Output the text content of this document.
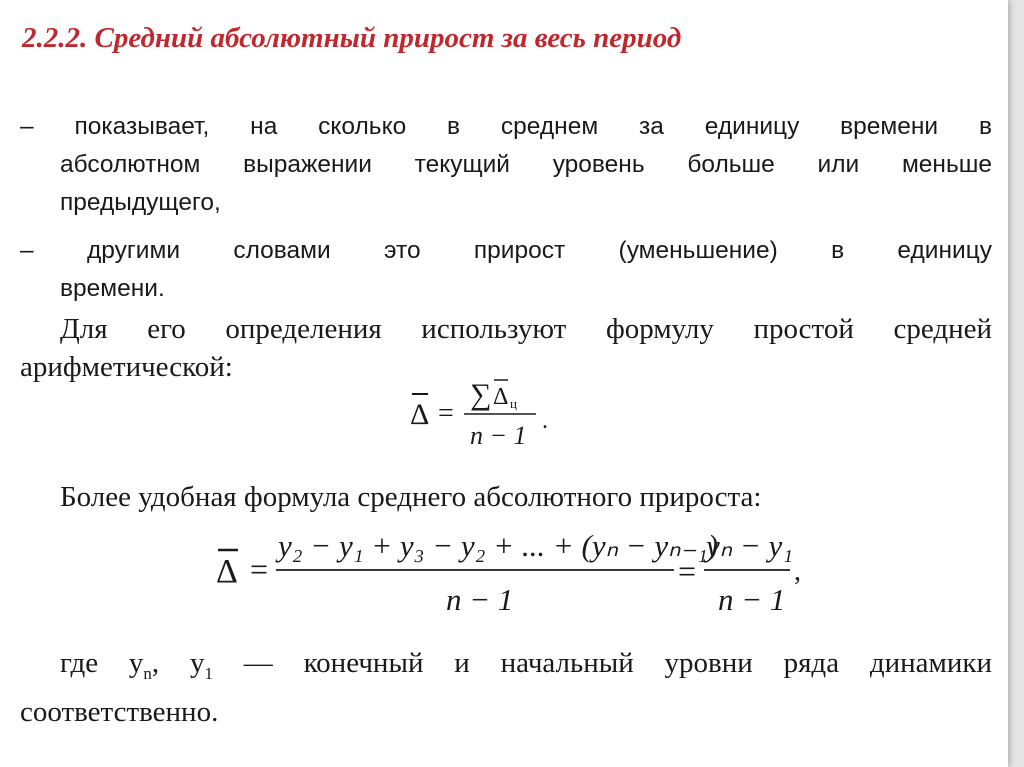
2.2.2. Средний абсолютный прирост за весь период
– показывает, на сколько в среднем за единицу времени в
абсолютном выражении текущий уровень больше или меньше
предыдущего,
– другими словами это прирост (уменьшение) в единицу
времени.
Для его определения используют формулу простой средней
арифметической:
Δ =
∑ Δ ц
n − 1 .
Более удобная формула среднего абсолютного прироста:
Δ =
y₂ − y₁ + y₃ − y₂ + ... + (yₙ − yₙ₋₁)
n − 1
=
yₙ − y₁
n − 1
,
где $y_n$, $y_1$ — конечный и начальный уровни ряда динамики
соответственно.
